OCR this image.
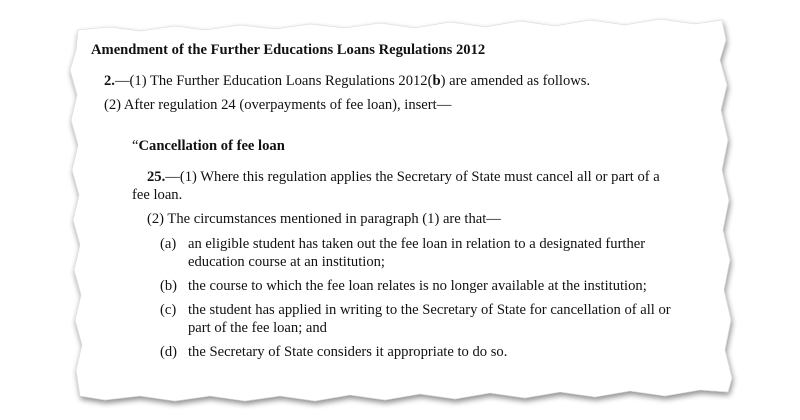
Amendment of the Further Educations Loans Regulations 2012
2.—(1) The Further Education Loans Regulations 2012(b) are amended as follows.
(2) After regulation 24 (overpayments of fee loan), insert—
“Cancellation of fee loan
25.—(1) Where this regulation applies the Secretary of State must cancel all or part of a
fee loan.
(2) The circumstances mentioned in paragraph (1) are that—
(a) an eligible student has taken out the fee loan in relation to a designated further
education course at an institution;
(b) the course to which the fee loan relates is no longer available at the institution;
(c) the student has applied in writing to the Secretary of State for cancellation of all or
part of the fee loan; and
(d) the Secretary of State considers it appropriate to do so.
